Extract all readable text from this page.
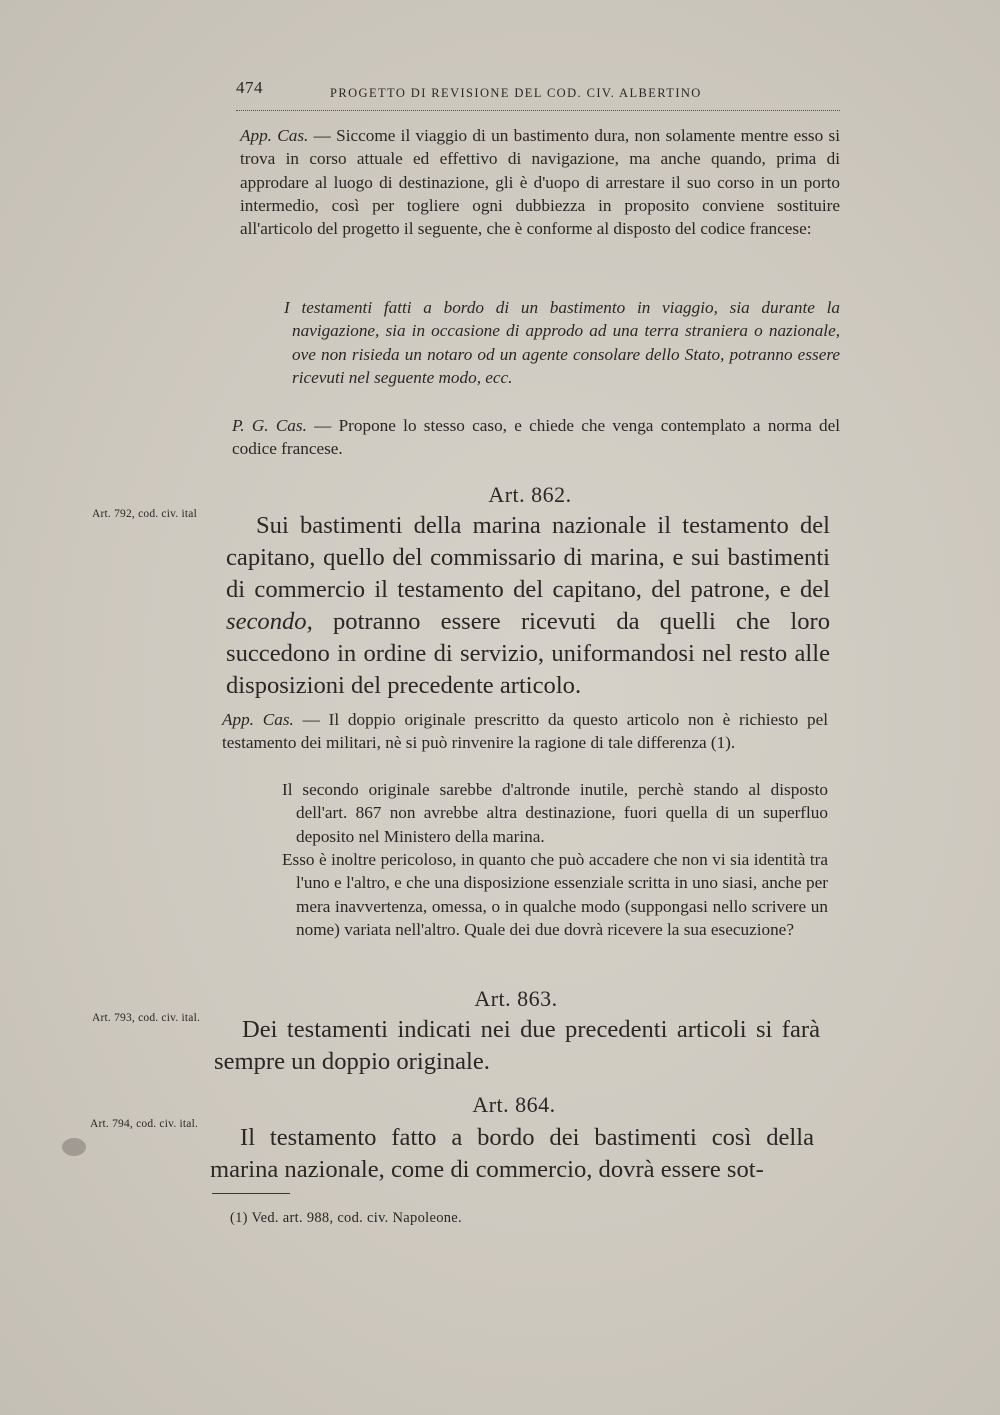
474	PROGETTO DI REVISIONE DEL COD. CIV. ALBERTINO
App. Cas. — Siccome il viaggio di un bastimento dura, non solamente mentre esso si trova in corso attuale ed effettivo di navigazione, ma anche quando, prima di approdare al luogo di destinazione, gli è d'uopo di arrestare il suo corso in un porto intermedio, così per togliere ogni dubbiezza in proposito conviene sostituire all'articolo del progetto il seguente, che è conforme al disposto del codice francese:
I testamenti fatti a bordo di un bastimento in viaggio, sia durante la navigazione, sia in occasione di approdo ad una terra straniera o nazionale, ove non risieda un notaro od un agente consolare dello Stato, potranno essere ricevuti nel seguente modo, ecc.
P. G. Cas. — Propone lo stesso caso, e chiede che venga contemplato a norma del codice francese.
Art. 862.
Art. 792, cod. civ. ital	Sui bastimenti della marina nazionale il testamento del capitano, quello del commissario di marina, e sui bastimenti di commercio il testamento del capitano, del patrone, e del secondo, potranno essere ricevuti da quelli che loro succedono in ordine di servizio, uniformandosi nel resto alle disposizioni del precedente articolo.
App. Cas. — Il doppio originale prescritto da questo articolo non è richiesto pel testamento dei militari, nè si può rinvenire la ragione di tale differenza (1).
Il secondo originale sarebbe d'altronde inutile, perchè stando al disposto dell'art. 867 non avrebbe altra destinazione, fuori quella di un superfluo deposito nel Ministero della marina.
Esso è inoltre pericoloso, in quanto che può accadere che non vi sia identità tra l'uno e l'altro, e che una disposizione essenziale scritta in uno siasi, anche per mera inavvertenza, omessa, o in qualche modo (suppongasi nello scrivere un nome) variata nell'altro. Quale dei due dovrà ricevere la sua esecuzione?
Art. 863.
Art. 793, cod. civ. ital.	Dei testamenti indicati nei due precedenti articoli si farà sempre un doppio originale.
Art. 864.
Art. 794, cod. civ. ital.	Il testamento fatto a bordo dei bastimenti così della marina nazionale, come di commercio, dovrà essere sot-
(1) Ved. art. 988, cod. civ. Napoleone.
